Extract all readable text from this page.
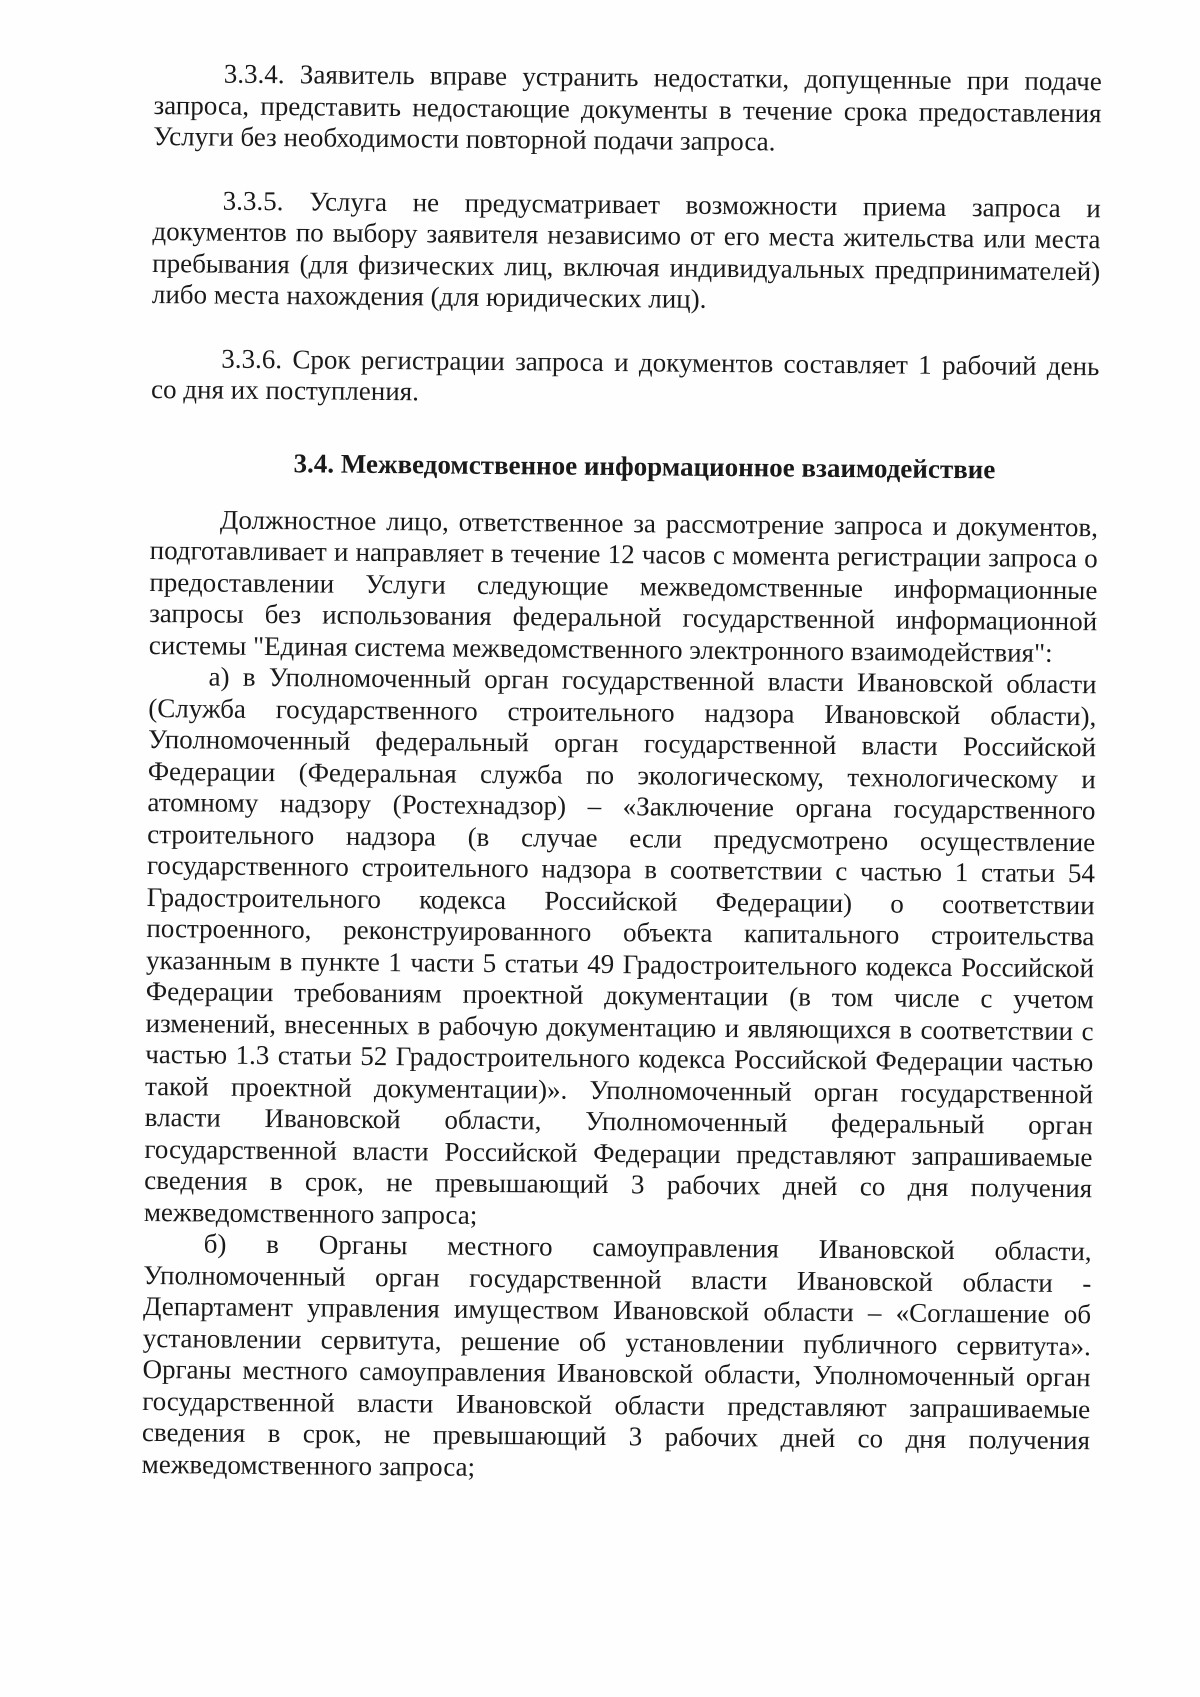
3.3.4. Заявитель вправе устранить недостатки, допущенные при подаче запроса, представить недостающие документы в течение срока предоставления Услуги без необходимости повторной подачи запроса.

3.3.5. Услуга не предусматривает возможности приема запроса и документов по выбору заявителя независимо от его места жительства или места пребывания (для физических лиц, включая индивидуальных предпринимателей) либо места нахождения (для юридических лиц).

3.3.6. Срок регистрации запроса и документов составляет 1 рабочий день со дня их поступления.

3.4. Межведомственное информационное взаимодействие

Должностное лицо, ответственное за рассмотрение запроса и документов, подготавливает и направляет в течение 12 часов с момента регистрации запроса о предоставлении Услуги следующие межведомственные информационные запросы без использования федеральной государственной информационной системы "Единая система межведомственного электронного взаимодействия":

а) в Уполномоченный орган государственной власти Ивановской области (Служба государственного строительного надзора Ивановской области), Уполномоченный федеральный орган государственной власти Российской Федерации (Федеральная служба по экологическому, технологическому и атомному надзору (Ростехнадзор) – «Заключение органа государственного строительного надзора (в случае если предусмотрено осуществление государственного строительного надзора в соответствии с частью 1 статьи 54 Градостроительного кодекса Российской Федерации) о соответствии построенного, реконструированного объекта капитального строительства указанным в пункте 1 части 5 статьи 49 Градостроительного кодекса Российской Федерации требованиям проектной документации (в том числе с учетом изменений, внесенных в рабочую документацию и являющихся в соответствии с частью 1.3 статьи 52 Градостроительного кодекса Российской Федерации частью такой проектной документации)». Уполномоченный орган государственной власти Ивановской области, Уполномоченный федеральный орган государственной власти Российской Федерации представляют запрашиваемые сведения в срок, не превышающий 3 рабочих дней со дня получения межведомственного запроса;

б) в Органы местного самоуправления Ивановской области, Уполномоченный орган государственной власти Ивановской области - Департамент управления имуществом Ивановской области – «Соглашение об установлении сервитута, решение об установлении публичного сервитута». Органы местного самоуправления Ивановской области, Уполномоченный орган государственной власти Ивановской области представляют запрашиваемые сведения в срок, не превышающий 3 рабочих дней со дня получения межведомственного запроса;
